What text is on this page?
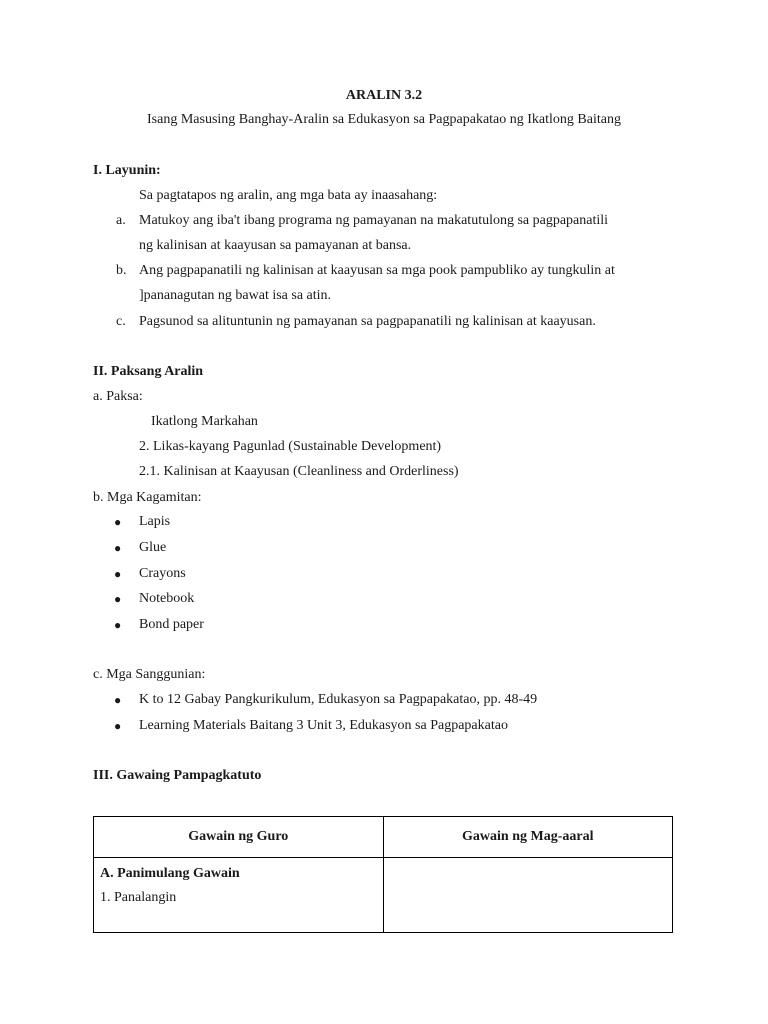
ARALIN 3.2
Isang Masusing Banghay-Aralin sa Edukasyon sa Pagpapakatao ng Ikatlong Baitang
I. Layunin:
Sa pagtatapos ng aralin, ang mga bata ay inaasahang:
a. Matukoy ang iba't ibang programa ng pamayanan na makatutulong sa pagpapanatili
ng kalinisan at kaayusan sa pamayanan at bansa.
b. Ang pagpapanatili ng kalinisan at kaayusan sa mga pook pampubliko ay tungkulin at
]pananagutan ng bawat isa sa atin.
c. Pagsunod sa alituntunin ng pamayanan sa pagpapanatili ng kalinisan at kaayusan.
II. Paksang Aralin
a. Paksa:
Ikatlong Markahan
2. Likas-kayang Pagunlad (Sustainable Development)
2.1. Kalinisan at Kaayusan (Cleanliness and Orderliness)
b. Mga Kagamitan:
● Lapis
● Glue
● Crayons
● Notebook
● Bond paper
c. Mga Sanggunian:
● K to 12 Gabay Pangkurikulum, Edukasyon sa Pagpapakatao, pp. 48-49
● Learning Materials Baitang 3 Unit 3, Edukasyon sa Pagpapakatao
III. Gawaing Pampagkatuto
Gawain ng Guro	Gawain ng Mag-aaral

A. Panimulang Gawain
1. Panalangin	
